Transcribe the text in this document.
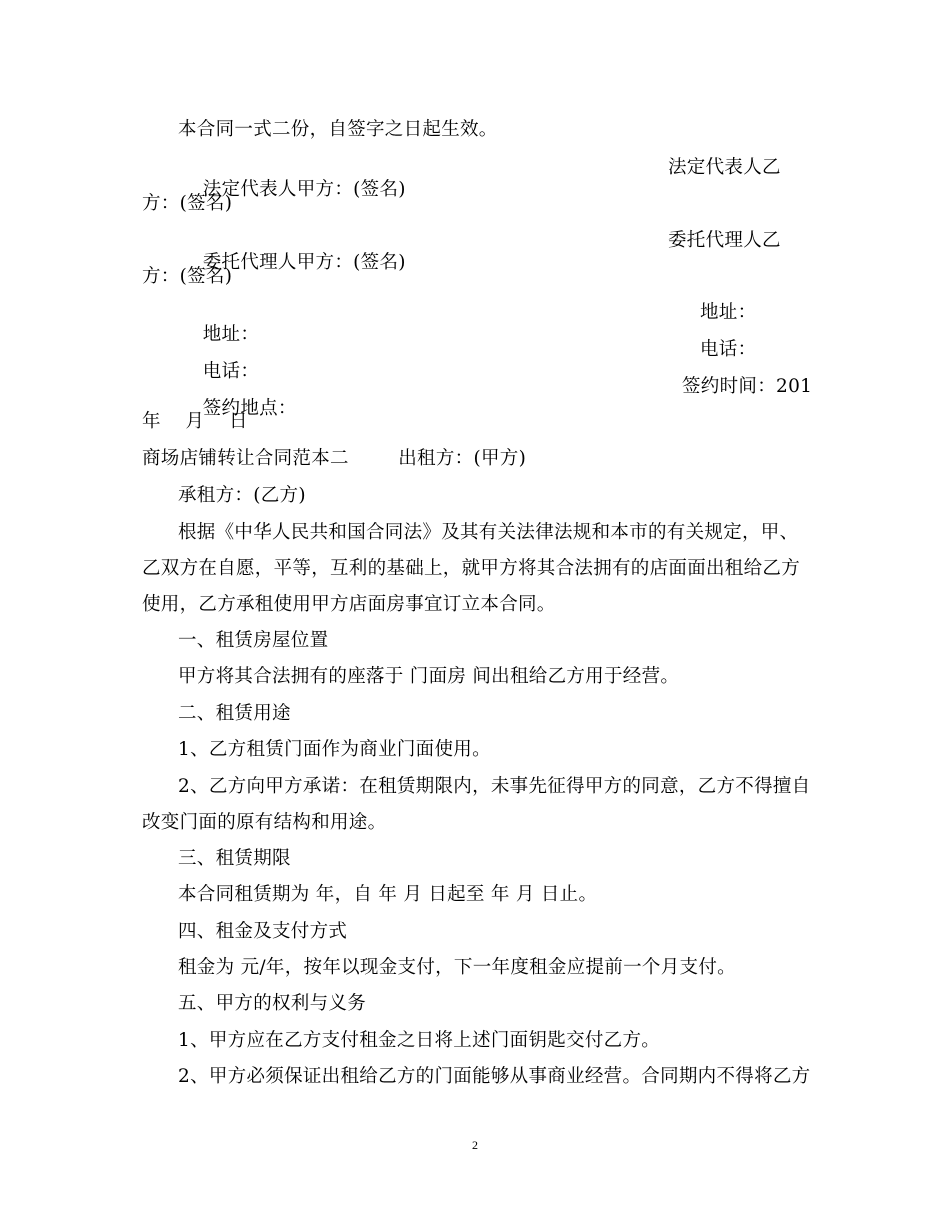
本合同一式二份，自签字之日起生效。

法定代表人甲方：(签名)

法定代表人乙

方：(签名)

委托代理人甲方：(签名)

委托代理人乙

方：(签名)

地址：

地址：

电话：

电话：

签约地点：

签约时间：201

年    月    日
商场店铺转让合同范本二        出租方：(甲方)
承租方：(乙方)
根据《中华人民共和国合同法》及其有关法律法规和本市的有关规定，甲、
乙双方在自愿，平等，互利的基础上，就甲方将其合法拥有的店面面出租给乙方
使用，乙方承租使用甲方店面房事宜订立本合同。
一、租赁房屋位置
甲方将其合法拥有的座落于 门面房 间出租给乙方用于经营。
二、租赁用途
1、乙方租赁门面作为商业门面使用。
2、乙方向甲方承诺：在租赁期限内，未事先征得甲方的同意，乙方不得擅自
改变门面的原有结构和用途。
三、租赁期限
本合同租赁期为 年，自 年 月 日起至 年 月 日止。
四、租金及支付方式
租金为 元/年，按年以现金支付，下一年度租金应提前一个月支付。
五、甲方的权利与义务
1、甲方应在乙方支付租金之日将上述门面钥匙交付乙方。
2、甲方必须保证出租给乙方的门面能够从事商业经营。合同期内不得将乙方
2
